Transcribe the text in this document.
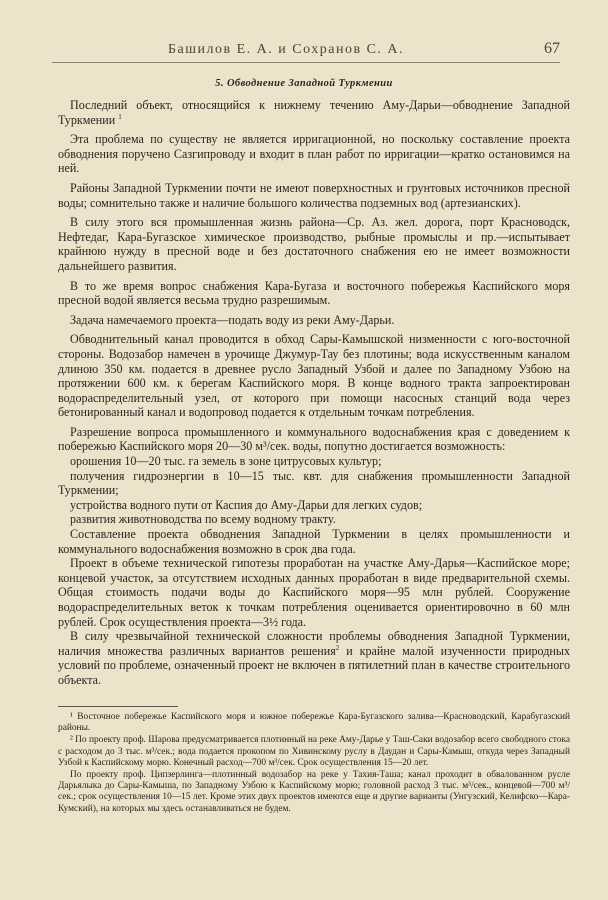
Башилов Е. А. и Сохранов С. А.	67
5. Обводнение Западной Туркмении

Последний объект, относящийся к нижнему течению Аму-Дарьи—обводнение Западной Туркмении $^1$

Эта проблема по существу не является ирригационной, но поскольку составление проекта обводнения поручено Сазгипроводу и входит в план работ по ирригации—кратко остановимся на ней.

Районы Западной Туркмении почти не имеют поверхностных и грунтовых источников пресной воды; сомнительно также и наличие большого количества подземных вод (артезианских).

В силу этого вся промышленная жизнь района—Ср. Аз. жел. дорога, порт Красноводск, Нефтедаг, Кара-Бугазское химическое производство, рыбные промыслы и пр.—испытывает крайнюю нужду в пресной воде и без достаточного снабжения ею не имеет возможности дальнейшего развития.

В то же время вопрос снабжения Кара-Бугаза и восточного побережья Каспийского моря пресной водой является весьма трудно разрешимым.

Задача намечаемого проекта—подать воду из реки Аму-Дарьи.

Обводнительный канал проводится в обход Сары-Камышской низменности с юго-восточной стороны. Водозабор намечен в урочище Джумур-Тау без плотины; вода искусственным каналом длиною 350 км. подается в древнее русло Западный Узбой и далее по Западному Узбою на протяжении 600 км. к берегам Каспийского моря. В конце водного тракта запроектирован водораспределительный узел, от которого при помощи насосных станций вода через бетонированный канал и водопровод подается к отдельным точкам потребления.

Разрешение вопроса промышленного и коммунального водоснабжения края с доведением к побережью Каспийского моря 20—30 м³/сек. воды, попутно достигается возможность:

орошения 10—20 тыс. га земель в зоне цитрусовых культур;
получения гидроэнергии в 10—15 тыс. квт. для снабжения промышленности Западной Туркмении;
устройства водного пути от Каспия до Аму-Дарьи для легких судов;
развития животноводства по всему водному тракту.

Составление проекта обводнения Западной Туркмении в целях промышленности и коммунального водоснабжения возможно в срок два года.

Проект в объеме технической гипотезы проработан на участке Аму-Дарья—Каспийское море; концевой участок, за отсутствием исходных данных проработан в виде предварительной схемы. Общая стоимость подачи воды до Каспийского моря—95 млн рублей. Сооружение водораспределительных веток к точкам потребления оценивается ориентировочно в 60 млн рублей. Срок осуществления проекта—3½ года.

В силу чрезвычайной технической сложности проблемы обводнения Западной Туркмении, наличия множества различных вариантов решения$^2$ и крайне малой изученности природных условий по проблеме, означенный проект не включен в пятилетний план в качестве строительного объекта.

¹ Восточное побережье Каспийского моря и южное побережье Кара-Бугазского залива—Красноводский, Карабугазский районы.

² По проекту проф. Шарова предусматривается плотинный на реке Аму-Дарье у Таш-Саки водозабор всего свободного стока с расходом до 3 тыс. м³/сек.; вода подается прокопом по Хивинскому руслу в Даудан и Сары-Камыш, откуда через Западный Узбой к Каспийскому морю. Конечный расход—700 м³/сек. Срок осуществления 15—20 лет.

По проекту проф. Ципзерлинга—плотинный водозабор на реке у Тахия-Таша; канал проходит в обвалованном русле Дарьялыка до Сары-Камыша, по Западному Узбою к Каспийскому морю; головной расход 3 тыс. м³/сек., концевой—700 м³/сек.; срок осуществления 10—15 лет. Кроме этих двух проектов имеются еще и другие варианты (Унгузский, Келифско—Кара-Кумский), на которых мы здесь останавливаться не будем.
